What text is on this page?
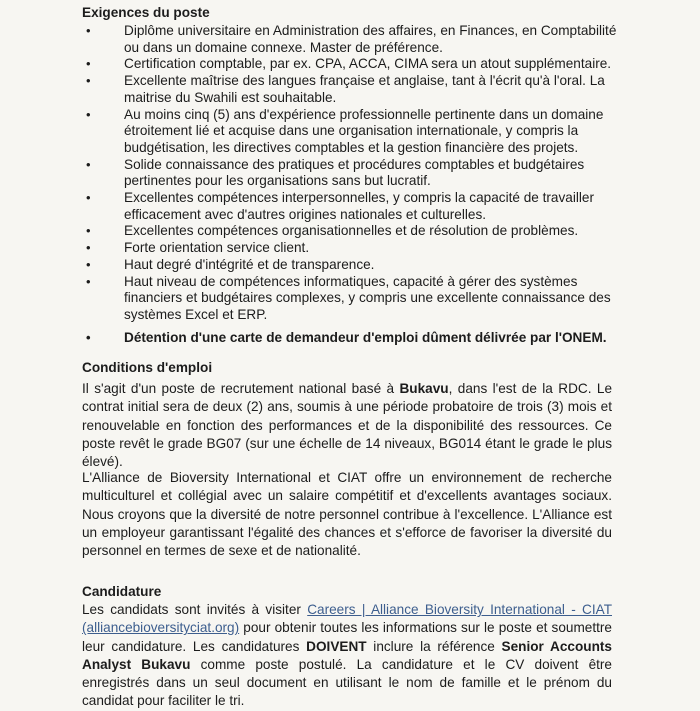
Exigences du poste
• Diplôme universitaire en Administration des affaires, en Finances, en Comptabilité ou dans un domaine connexe. Master de préférence.
• Certification comptable, par ex. CPA, ACCA, CIMA sera un atout supplémentaire.
• Excellente maîtrise des langues française et anglaise, tant à l'écrit qu'à l'oral. La maitrise du Swahili est souhaitable.
• Au moins cinq (5) ans d'expérience professionnelle pertinente dans un domaine étroitement lié et acquise dans une organisation internationale, y compris la budgétisation, les directives comptables et la gestion financière des projets.
• Solide connaissance des pratiques et procédures comptables et budgétaires pertinentes pour les organisations sans but lucratif.
• Excellentes compétences interpersonnelles, y compris la capacité de travailler efficacement avec d'autres origines nationales et culturelles.
• Excellentes compétences organisationnelles et de résolution de problèmes.
• Forte orientation service client.
• Haut degré d'intégrité et de transparence.
• Haut niveau de compétences informatiques, capacité à gérer des systèmes financiers et budgétaires complexes, y compris une excellente connaissance des systèmes Excel et ERP.
• Détention d'une carte de demandeur d'emploi dûment délivrée par l'ONEM.
Conditions d'emploi

Il s'agit d'un poste de recrutement national basé à Bukavu, dans l'est de la RDC. Le contrat initial sera de deux (2) ans, soumis à une période probatoire de trois (3) mois et renouvelable en fonction des performances et de la disponibilité des ressources. Ce poste revêt le grade BG07 (sur une échelle de 14 niveaux, BG014 étant le grade le plus élevé).

L'Alliance de Bioversity International et CIAT offre un environnement de recherche multiculturel et collégial avec un salaire compétitif et d'excellents avantages sociaux. Nous croyons que la diversité de notre personnel contribue à l'excellence. L'Alliance est un employeur garantissant l'égalité des chances et s'efforce de favoriser la diversité du personnel en termes de sexe et de nationalité.

Candidature

Les candidats sont invités à visiter Careers | Alliance Bioversity International - CIAT (alliancebioversityciat.org) pour obtenir toutes les informations sur le poste et soumettre leur candidature. Les candidatures DOIVENT inclure la référence Senior Accounts Analyst Bukavu comme poste postulé. La candidature et le CV doivent être enregistrés dans un seul document en utilisant le nom de famille et le prénom du candidat pour faciliter le tri.
